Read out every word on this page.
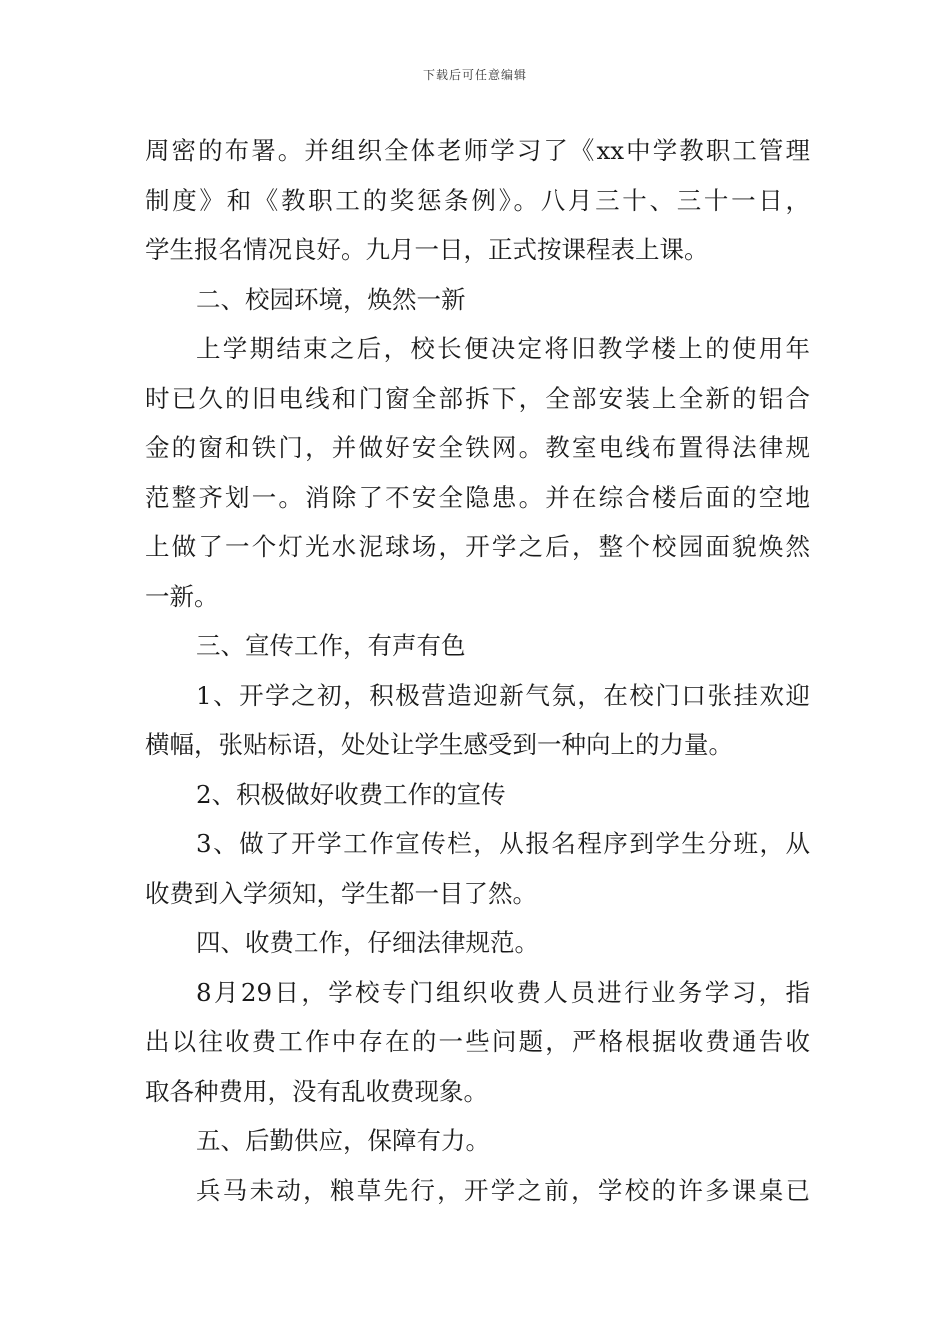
下载后可任意编辑
周密的布署。并组织全体老师学习了《xx中学教职工管理
制度》和《教职工的奖惩条例》。八月三十、三十一日，
学生报名情况良好。九月一日，正式按课程表上课。
二、校园环境，焕然一新
上学期结束之后，校长便决定将旧教学楼上的使用年
时已久的旧电线和门窗全部拆下，全部安装上全新的铝合
金的窗和铁门，并做好安全铁网。教室电线布置得法律规
范整齐划一。消除了不安全隐患。并在综合楼后面的空地
上做了一个灯光水泥球场，开学之后，整个校园面貌焕然
一新。
三、宣传工作，有声有色
1、开学之初，积极营造迎新气氛，在校门口张挂欢迎
横幅，张贴标语，处处让学生感受到一种向上的力量。
2、积极做好收费工作的宣传
3、做了开学工作宣传栏，从报名程序到学生分班，从
收费到入学须知，学生都一目了然。
四、收费工作，仔细法律规范。
8月29日，学校专门组织收费人员进行业务学习，指
出以往收费工作中存在的一些问题，严格根据收费通告收
取各种费用，没有乱收费现象。
五、后勤供应，保障有力。
兵马未动，粮草先行，开学之前，学校的许多课桌已
